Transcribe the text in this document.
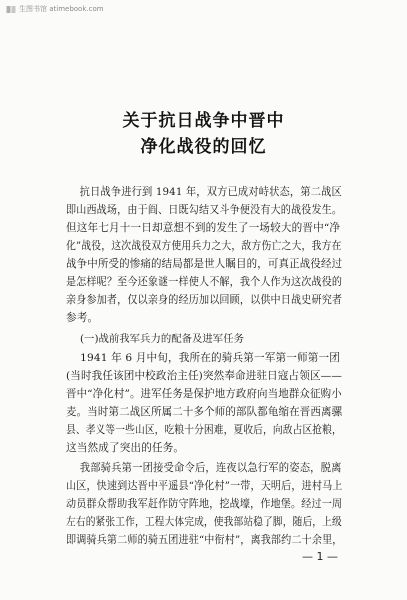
生图书馆 atimebook.com
关于抗日战争中晋中
净化战役的回忆
抗日战争进行到 1941 年，双方已成对峙状态，第二战区
即山西战场，由于阎、日既勾结又斗争便没有大的战役发生。
但这年七月十一日却意想不到的发生了一场较大的晋中“净
化”战役，这次战役双方使用兵力之大，敌方伤亡之大，我方在
战争中所受的惨痛的结局都是世人瞩目的，可真正战役经过
是怎样呢？至今还象谜一样使人不解，我个人作为这次战役的
亲身参加者，仅以亲身的经历加以回顾，以供中日战史研究者
参考。
(一)战前我军兵力的配备及进军任务
1941 年 6 月中旬，我所在的骑兵第一军第一师第一团
(当时我任该团中校政治主任)突然奉命进驻日寇占领区——
晋中“净化村”。进军任务是保护地方政府向当地群众征购小
麦。当时第二战区所属二十多个师的部队都龟缩在晋西离骡
县、孝义等一些山区，吃粮十分困难，夏收后，向敌占区抢粮，
这当然成了突出的任务。
我部骑兵第一团接受命令后，连夜以急行军的姿态，脱离
山区，快速到达晋中平遥县“净化村”一带，天明后，进村马上
动员群众帮助我军赶作防守阵地，挖战壕，作地堡。经过一周
左右的紧张工作，工程大体完成，使我部站稳了脚，随后，上级
即调骑兵第二师的骑五团进驻“中衔村”，离我部约二十余里，
— 1 —
